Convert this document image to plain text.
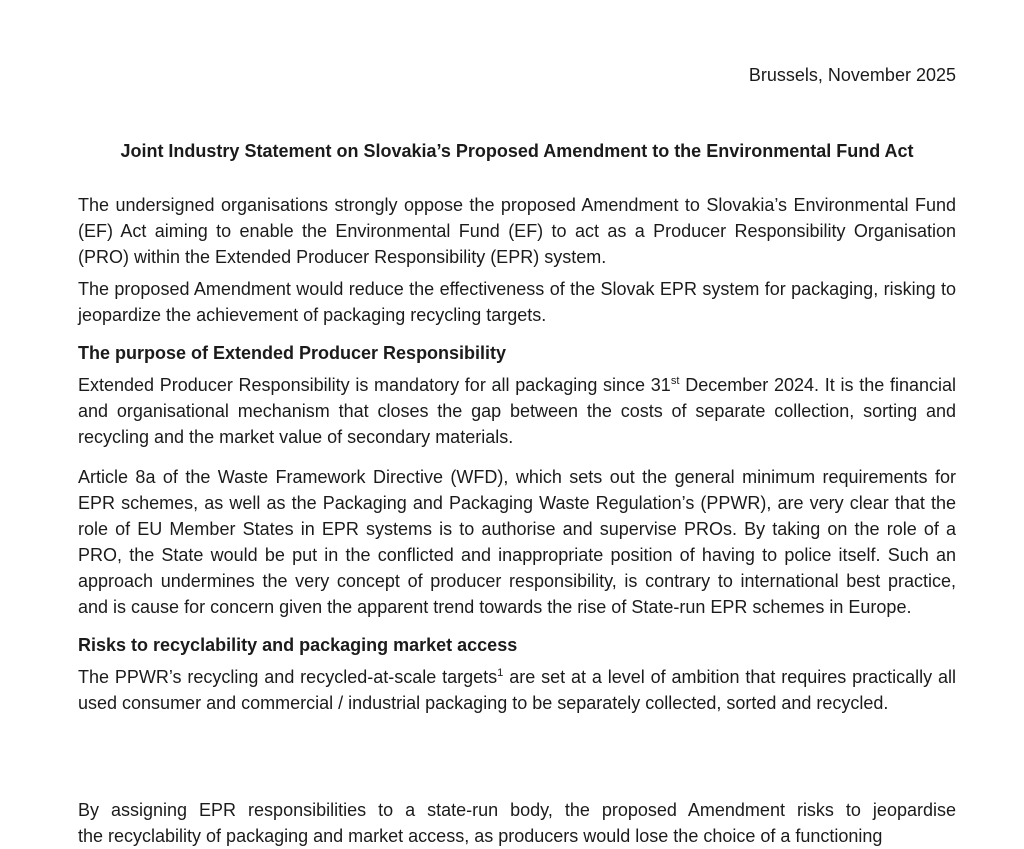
Brussels, November 2025
Joint Industry Statement on Slovakia’s Proposed Amendment to the Environmental Fund Act

The undersigned organisations strongly oppose the proposed Amendment to Slovakia’s Environmental Fund (EF) Act aiming to enable the Environmental Fund (EF) to act as a Producer Responsibility Organisation (PRO) within the Extended Producer Responsibility (EPR) system.

The proposed Amendment would reduce the effectiveness of the Slovak EPR system for packaging, risking to jeopardize the achievement of packaging recycling targets.

The purpose of Extended Producer Responsibility

Extended Producer Responsibility is mandatory for all packaging since 31st December 2024. It is the financial and organisational mechanism that closes the gap between the costs of separate collection, sorting and recycling and the market value of secondary materials.

Article 8a of the Waste Framework Directive (WFD), which sets out the general minimum requirements for EPR schemes, as well as the Packaging and Packaging Waste Regulation’s (PPWR), are very clear that the role of EU Member States in EPR systems is to authorise and supervise PROs. By taking on the role of a PRO, the State would be put in the conflicted and inappropriate position of having to police itself. Such an approach undermines the very concept of producer responsibility, is contrary to international best practice, and is cause for concern given the apparent trend towards the rise of State-run EPR schemes in Europe.

Risks to recyclability and packaging market access

The PPWR’s recycling and recycled-at-scale targets$^1$ are set at a level of ambition that requires practically all used consumer and commercial / industrial packaging to be separately collected, sorted and recycled.

By assigning EPR responsibilities to a state-run body, the proposed Amendment risks to jeopardise
the recyclability of packaging and market access, as producers would lose the choice of a functioning
